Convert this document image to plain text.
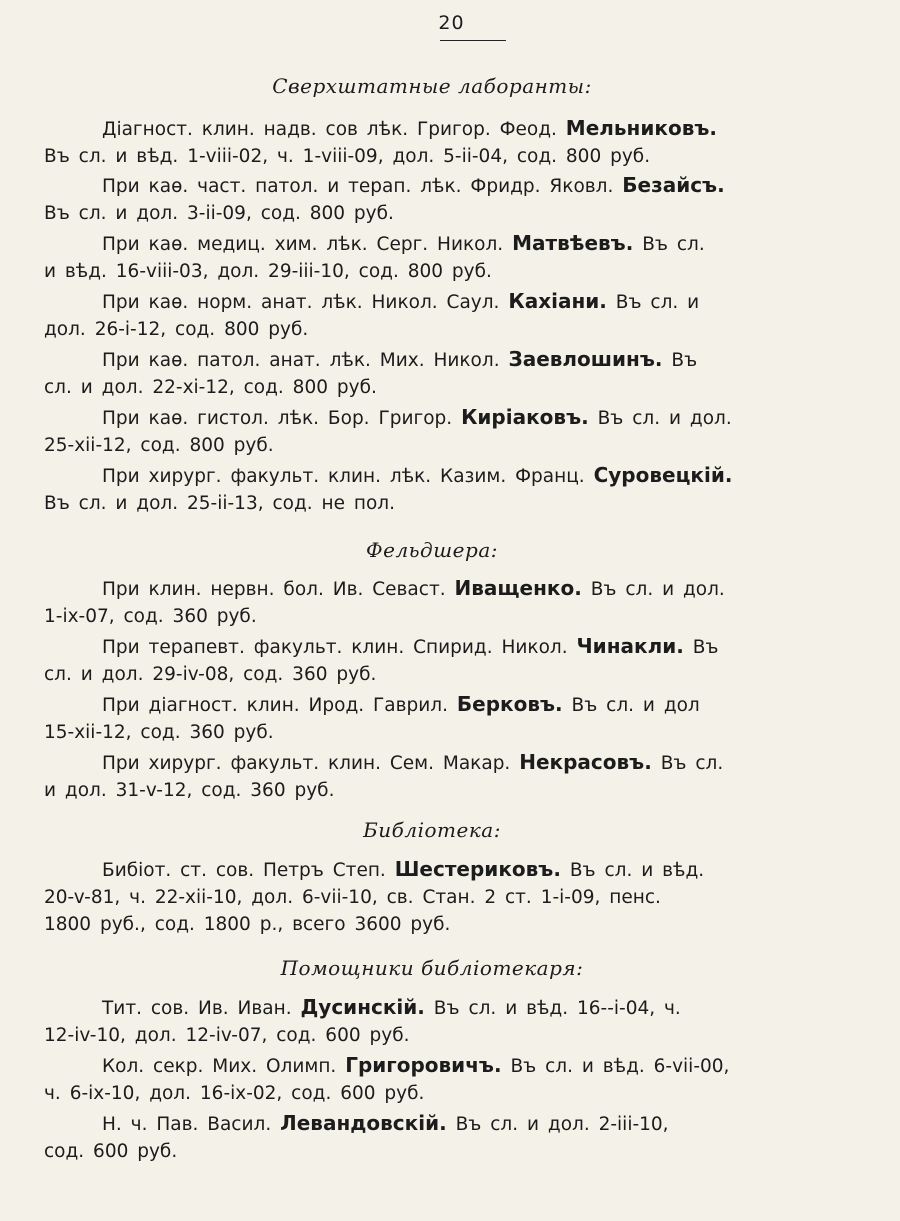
20
Сверхштатные лаборанты:
Діагност. клин. надв. сов лѣк. Григор. Феод. Мельниковъ.
Въ сл. и вѣд. 1-viii-02, ч. 1-viii-09, дол. 5-ii-04, сод. 800 руб.
При каѳ. част. патол. и терап. лѣк. Фридр. Яковл. Безайсъ.
Въ сл. и дол. 3-ii-09, сод. 800 руб.
При каѳ. медиц. хим. лѣк. Серг. Никол. Матвѣевъ. Въ сл.
и вѣд. 16-viii-03, дол. 29-iii-10, сод. 800 руб.
При каѳ. норм. анат. лѣк. Никол. Саул. Кахіани. Въ сл. и
дол. 26-i-12, сод. 800 руб.
При каѳ. патол. анат. лѣк. Мих. Никол. Заевлошинъ. Въ
сл. и дол. 22-xi-12, сод. 800 руб.
При каѳ. гистол. лѣк. Бор. Григор. Киріаковъ. Въ сл. и дол.
25-xii-12, сод. 800 руб.
При хирург. факульт. клин. лѣк. Казим. Франц. Суровецкій.
Въ сл. и дол. 25-ii-13, сод. не пол.
Фельдшера:
При клин. нервн. бол. Ив. Севаст. Иващенко. Въ сл. и дол.
1-ix-07, сод. 360 руб.
При терапевт. факульт. клин. Спирид. Никол. Чинакли. Въ
сл. и дол. 29-iv-08, сод. 360 руб.
При діагност. клин. Ирод. Гаврил. Берковъ. Въ сл. и дол
15-xii-12, сод. 360 руб.
При хирург. факульт. клин. Сем. Макар. Некрасовъ. Въ сл.
и дол. 31-v-12, сод. 360 руб.
Библіотека:
Бибіот. ст. сов. Петръ Степ. Шестериковъ. Въ сл. и вѣд.
20-v-81, ч. 22-xii-10, дол. 6-vii-10, св. Стан. 2 ст. 1-i-09, пенс.
1800 руб., сод. 1800 р., всего 3600 руб.
Помощники библіотекаря:
Тит. сов. Ив. Иван. Дусинскій. Въ сл. и вѣд. 16--i-04, ч.
12-iv-10, дол. 12-iv-07, сод. 600 руб.
Кол. секр. Мих. Олимп. Григоровичъ. Въ сл. и вѣд. 6-vii-00,
ч. 6-ix-10, дол. 16-ix-02, сод. 600 руб.
Н. ч. Пав. Васил. Левандовскій. Въ сл. и дол. 2-iii-10,
сод. 600 руб.
